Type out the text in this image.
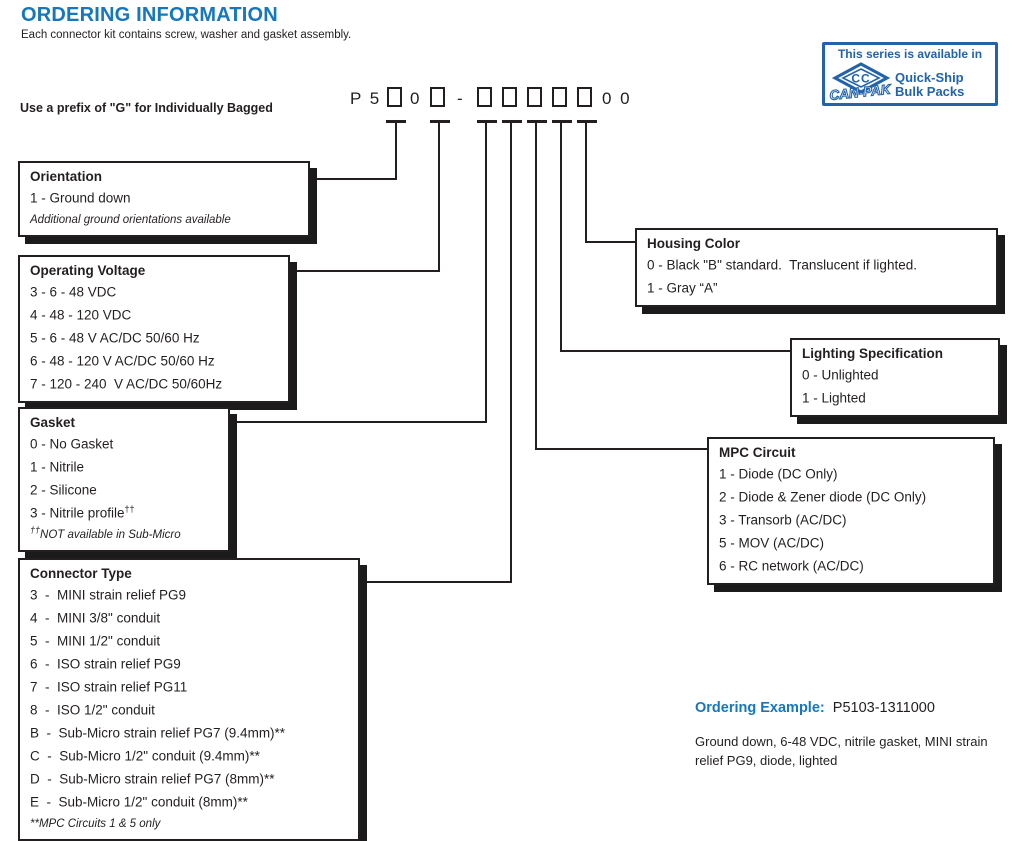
ORDERING INFORMATION
Each connector kit contains screw, washer and gasket assembly.
Use a prefix of "G" for Individually Bagged
This series is available in
CC
CAN-PAK
Quick-Ship
Bulk Packs
P 5 0 -	0 0
Orientation
1 - Ground down
Additional ground orientations available
Operating Voltage
3 - 6 - 48 VDC
4 - 48 - 120 VDC
5 - 6 - 48 V AC/DC 50/60 Hz
6 - 48 - 120 V AC/DC 50/60 Hz
7 - 120 - 240  V AC/DC 50/60Hz
Gasket
0 - No Gasket
1 - Nitrile
2 - Silicone
3 - Nitrile profile††
††NOT available in Sub-Micro
Connector Type
3  -  MINI strain relief PG9
4  -  MINI 3/8" conduit
5  -  MINI 1/2" conduit
6  -  ISO strain relief PG9
7  -  ISO strain relief PG11
8  -  ISO 1/2" conduit
B  -  Sub-Micro strain relief PG7 (9.4mm)**
C  -  Sub-Micro 1/2" conduit (9.4mm)**
D  -  Sub-Micro strain relief PG7 (8mm)**
E  -  Sub-Micro 1/2" conduit (8mm)**
**MPC Circuits 1 & 5 only
Housing Color
0 - Black "B" standard.  Translucent if lighted.
1 - Gray “A”
Lighting Specification
0 - Unlighted
1 - Lighted
MPC Circuit
1 - Diode (DC Only)
2 - Diode & Zener diode (DC Only)
3 - Transorb (AC/DC)
5 - MOV (AC/DC)
6 - RC network (AC/DC)
Ordering Example: P5103-1311000
Ground down, 6-48 VDC, nitrile gasket, MINI strain relief PG9, diode, lighted
